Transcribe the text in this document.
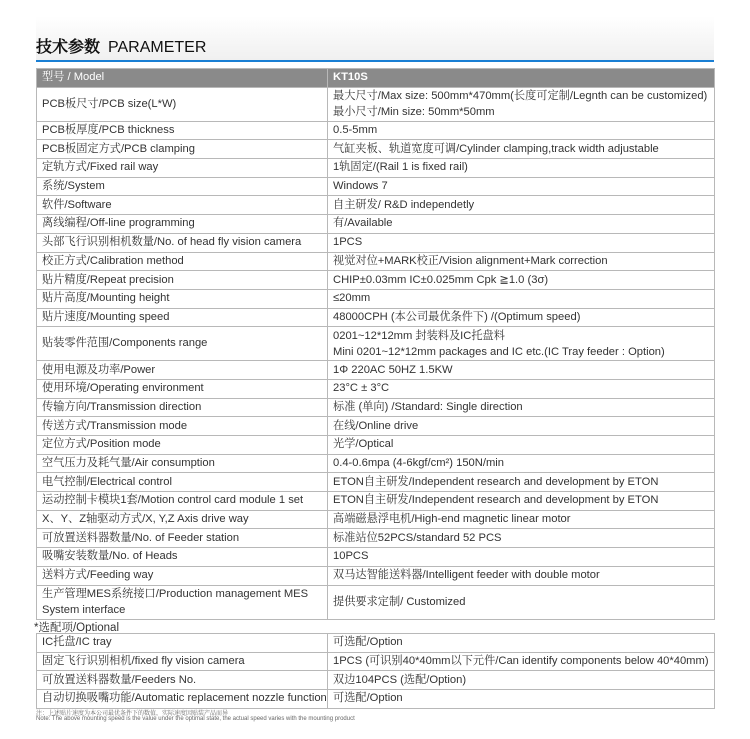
技术参数 PARAMETER
型号 / Model	KT10S
PCB板尺寸/PCB size(L*W)	最大尺寸/Max size: 500mm*470mm(长度可定制/Legnth can be customized)
最小尺寸/Min size: 50mm*50mm
PCB板厚度/PCB thickness	0.5-5mm
PCB板固定方式/PCB clamping	气缸夹板、轨道宽度可调/Cylinder clamping,track width adjustable
定轨方式/Fixed rail way	1轨固定/(Rail 1 is fixed rail)
系统/System	Windows 7
软件/Software	自主研发/ R&D independetly
离线编程/Off-line programming	有/Available
头部飞行识别相机数量/No. of head fly vision camera	1PCS
校正方式/Calibration method	视觉对位+MARK校正/Vision alignment+Mark correction
贴片精度/Repeat precision	CHIP±0.03mm IC±0.025mm Cpk ≧1.0 (3σ)
贴片高度/Mounting height	≤20mm
贴片速度/Mounting speed	48000CPH (本公司最优条件下) /(Optimum speed)
贴装零件范围/Components range	0201~12*12mm 封装料及IC托盘料
Mini 0201~12*12mm packages and IC etc.(IC Tray feeder : Option)
使用电源及功率/Power	1Φ 220AC 50HZ 1.5KW
使用环境/Operating environment	23°C ± 3°C
传输方向/Transmission direction	标准 (单向) /Standard: Single direction
传送方式/Transmission mode	在线/Online drive
定位方式/Position mode	光学/Optical
空气压力及耗气量/Air consumption	0.4-0.6mpa (4-6kgf/cm²) 150N/min
电气控制/Electrical control	ETON自主研发/Independent research and development by ETON
运动控制卡模块1套/Motion control card module 1 set	ETON自主研发/Independent research and development by ETON
X、Y、Z轴驱动方式/X, Y,Z Axis drive way	高端磁悬浮电机/High-end magnetic linear motor
可放置送料器数量/No. of Feeder station	标准站位52PCS/standard 52 PCS
吸嘴安装数量/No. of Heads	10PCS
送料方式/Feeding way	双马达智能送料器/Intelligent feeder with double motor
生产管理MES系统接口/Production management MES
System interface	提供要求定制/ Customized
*选配项/Optional
IC托盘/IC tray	可选配/Option
固定飞行识别相机/fixed fly vision camera	1PCS (可识别40*40mm以下元件/Can identify components below 40*40mm)
可放置送料器数量/Feeders No.	双边104PCS (选配/Option)
自动切换吸嘴功能/Automatic replacement nozzle function	可选配/Option
注：上述贴片速度为本公司最优条件下的数值，实际速度因贴装产品而异
Note: The above mounting speed is the value under the optimal state, the actual speed varies with the mounting product
